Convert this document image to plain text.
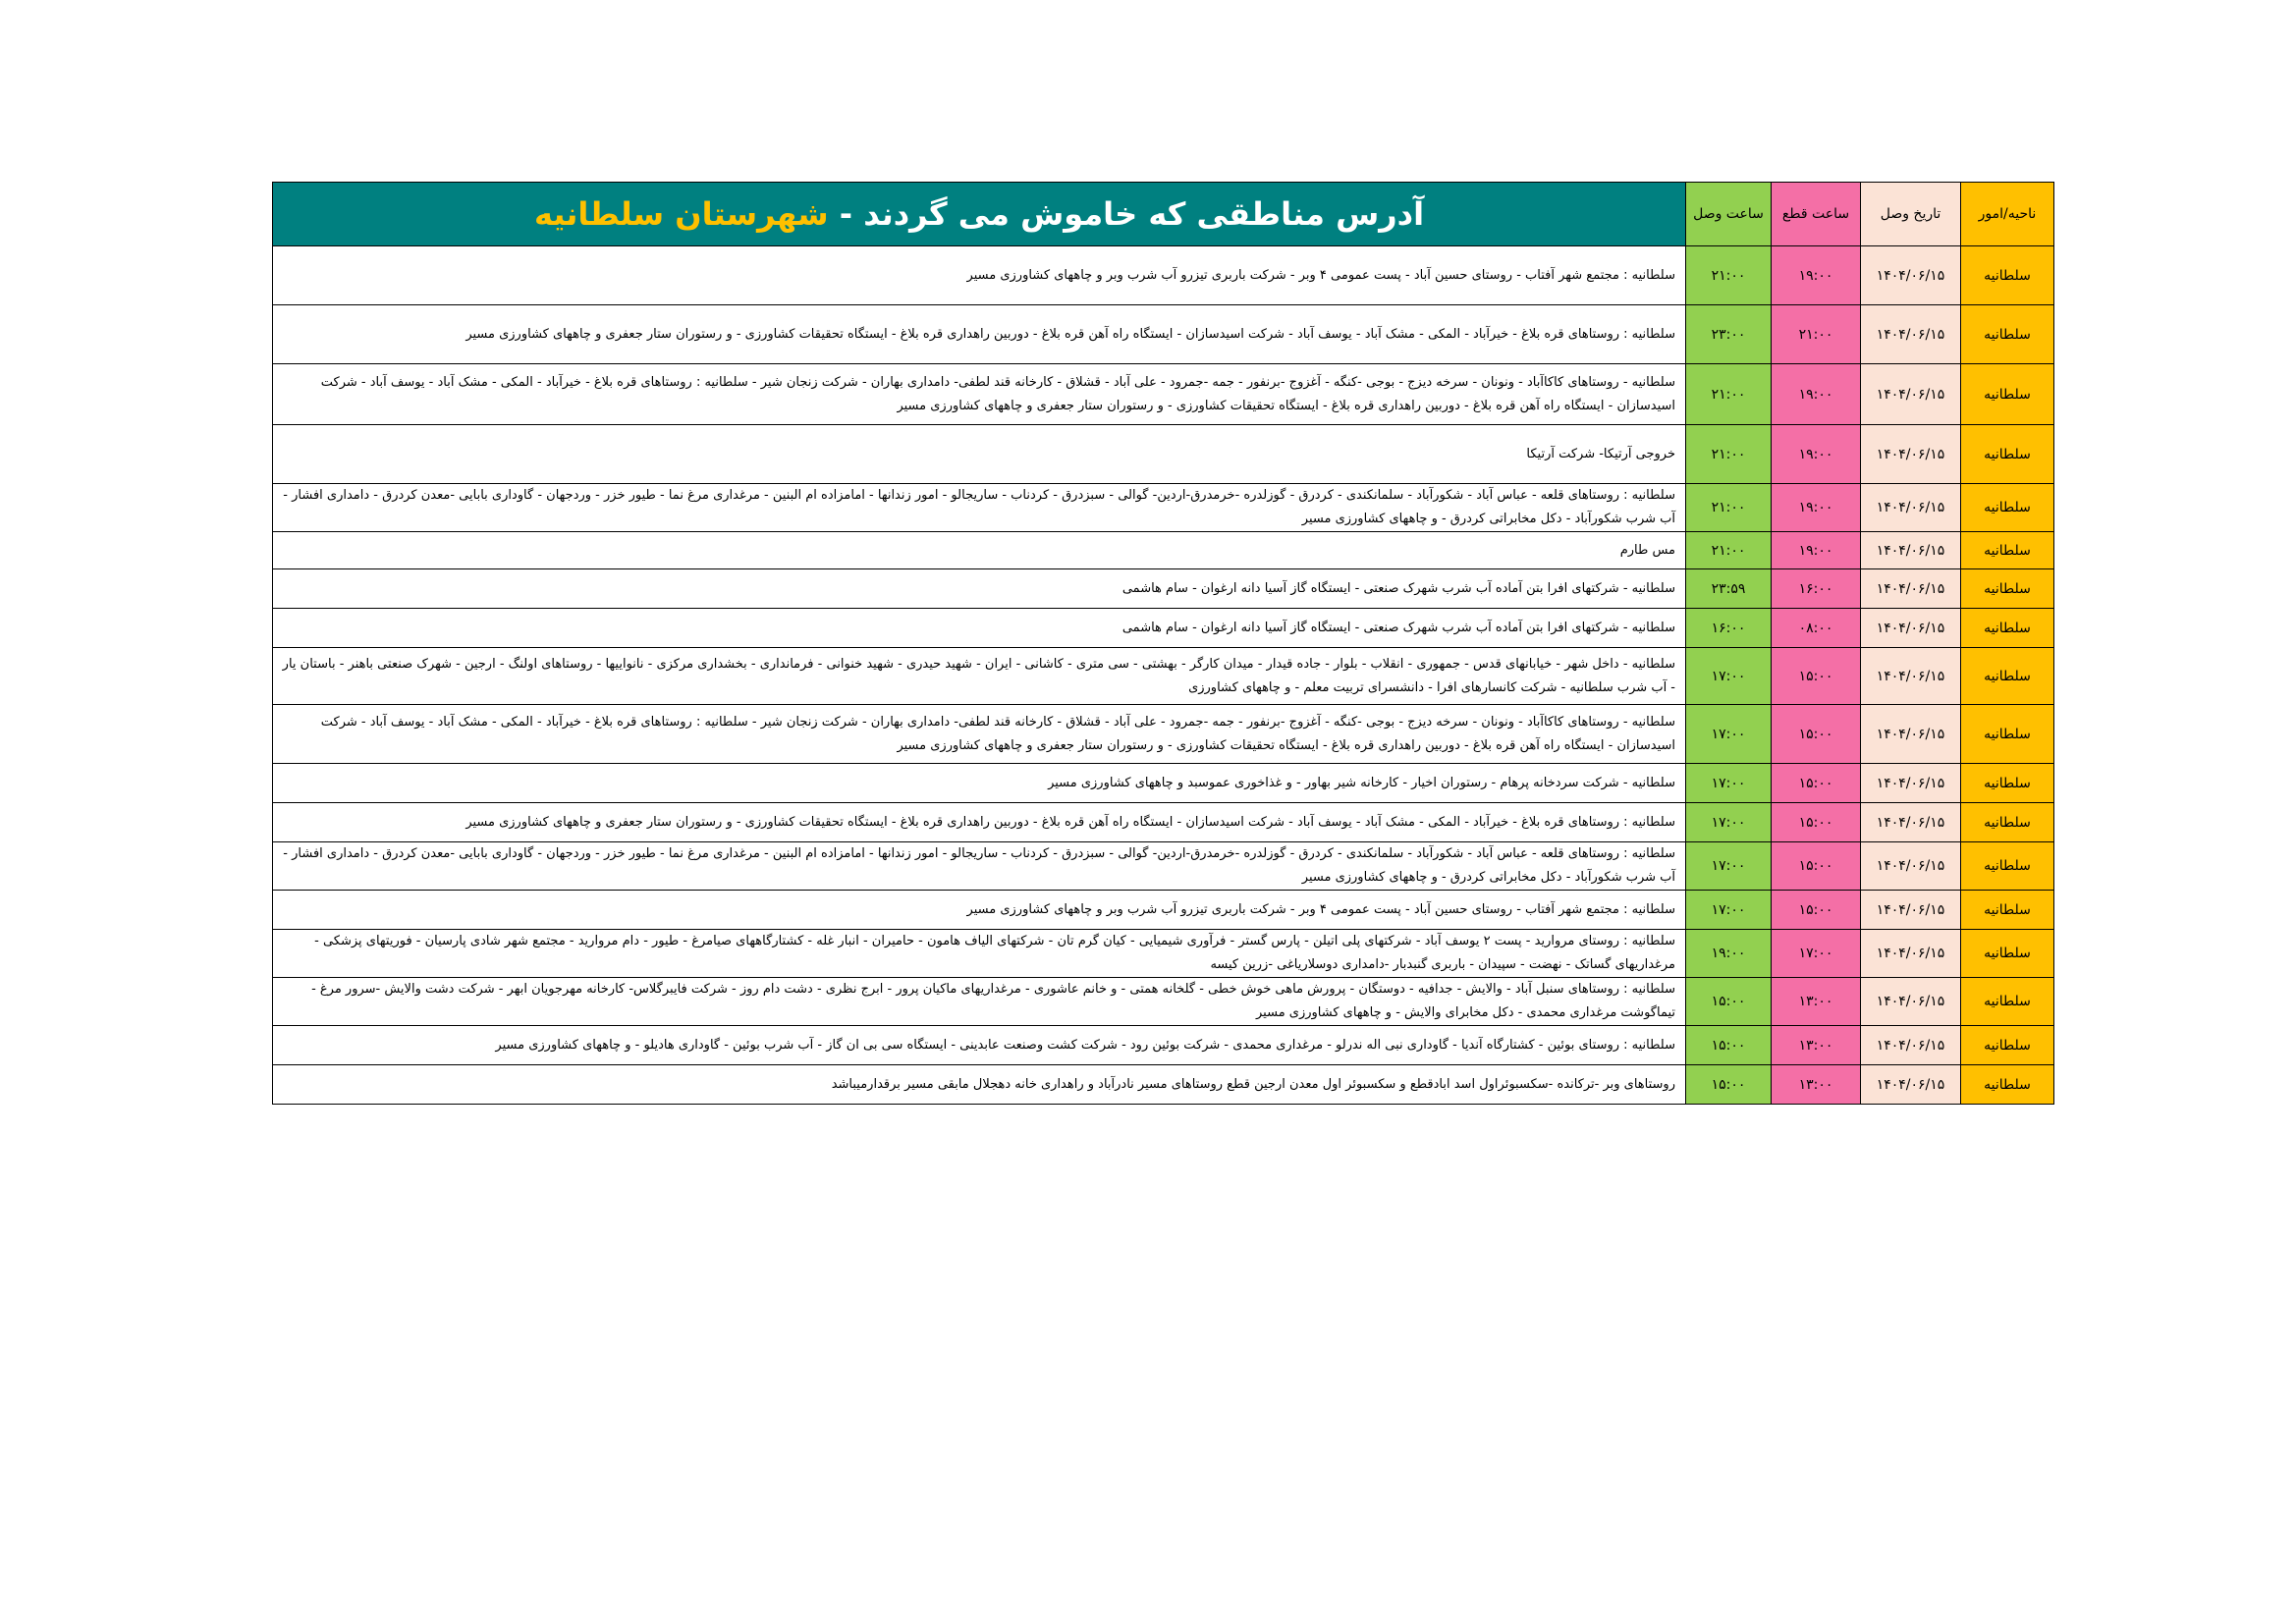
ناحیه/امور	تاریخ وصل	ساعت قطع	ساعت وصل	آدرس مناطقی که خاموش می گردند - شهرستان سلطانیه
سلطانیه	۱۴۰۴/۰۶/۱۵	۱۹:۰۰	۲۱:۰۰	سلطانیه : مجتمع شهر آفتاب - روستای حسین آباد - پست عمومی ۴ وبر - شرکت باربری تیزرو آب شرب وبر و چاههای کشاورزی مسیر
سلطانیه	۱۴۰۴/۰۶/۱۵	۲۱:۰۰	۲۳:۰۰	سلطانیه : روستاهای قره بلاغ - خیرآباد - المکی - مشک آباد - یوسف آباد - شرکت اسیدسازان - ایستگاه راه آهن قره بلاغ - دوربین راهداری قره بلاغ - ایستگاه تحقیقات کشاورزی - و رستوران ستار جعفری و چاههای کشاورزی مسیر
سلطانیه	۱۴۰۴/۰۶/۱۵	۱۹:۰۰	۲۱:۰۰	سلطانیه - روستاهای کاکاآباد - ونونان - سرخه دیزج - بوجی -کنگه - آغزوج -برنفور - جمه -جمرود - علی آباد - قشلاق - کارخانه قند لطفی- دامداری بهاران - شرکت زنجان شیر - سلطانیه : روستاهای قره بلاغ - خیرآباد - المکی - مشک آباد - یوسف آباد - شرکت اسیدسازان - ایستگاه راه آهن قره بلاغ - دوربین راهداری قره بلاغ - ایستگاه تحقیقات کشاورزی - و رستوران ستار جعفری و چاههای کشاورزی مسیر
سلطانیه	۱۴۰۴/۰۶/۱۵	۱۹:۰۰	۲۱:۰۰	خروجی آرتیکا- شرکت آرتیکا
سلطانیه	۱۴۰۴/۰۶/۱۵	۱۹:۰۰	۲۱:۰۰	سلطانیه : روستاهای قلعه - عباس آباد - شکورآباد - سلمانکندی - کردرق - گوزلدره -خرمدرق-اردین- گوالی - سبزدرق - کردناب - ساریجالو - امور زندانها - امامزاده ام البنین - مرغداری مرغ نما - طیور خزر - وردجهان - گاوداری بابایی -معدن کردرق - دامداری افشار - آب شرب شکورآباد - دکل مخابراتی کردرق - و چاههای کشاورزی مسیر
سلطانیه	۱۴۰۴/۰۶/۱۵	۱۹:۰۰	۲۱:۰۰	مس طارم
سلطانیه	۱۴۰۴/۰۶/۱۵	۱۶:۰۰	۲۳:۵۹	سلطانیه - شرکتهای افرا بتن آماده آب شرب شهرک صنعتی - ایستگاه گاز آسیا دانه ارغوان - سام هاشمی
سلطانیه	۱۴۰۴/۰۶/۱۵	۰۸:۰۰	۱۶:۰۰	سلطانیه - شرکتهای افرا بتن آماده آب شرب شهرک صنعتی - ایستگاه گاز آسیا دانه ارغوان - سام هاشمی
سلطانیه	۱۴۰۴/۰۶/۱۵	۱۵:۰۰	۱۷:۰۰	سلطانیه - داخل شهر - خیابانهای قدس - جمهوری - انقلاب - بلوار - جاده قیدار - میدان کارگر - بهشتی - سی متری - کاشانی - ایران - شهید حیدری - شهید خنوانی - فرمانداری - بخشداری مرکزی - نانواییها - روستاهای اولنگ - ارجین - شهرک صنعتی باهنر - باستان یار - آب شرب سلطانیه - شرکت کانسارهای افرا - دانشسرای تربیت معلم - و چاههای کشاورزی
سلطانیه	۱۴۰۴/۰۶/۱۵	۱۵:۰۰	۱۷:۰۰	سلطانیه - روستاهای کاکاآباد - ونونان - سرخه دیزج - بوجی -کنگه - آغزوج -برنفور - جمه -جمرود - علی آباد - قشلاق - کارخانه قند لطفی- دامداری بهاران - شرکت زنجان شیر - سلطانیه : روستاهای قره بلاغ - خیرآباد - المکی - مشک آباد - یوسف آباد - شرکت اسیدسازان - ایستگاه راه آهن قره بلاغ - دوربین راهداری قره بلاغ - ایستگاه تحقیقات کشاورزی - و رستوران ستار جعفری و چاههای کشاورزی مسیر
سلطانیه	۱۴۰۴/۰۶/۱۵	۱۵:۰۰	۱۷:۰۰	سلطانیه - شرکت سردخانه پرهام - رستوران اخیار - کارخانه شیر بهاور - و غذاخوری عموسبد و چاههای کشاورزی مسیر
سلطانیه	۱۴۰۴/۰۶/۱۵	۱۵:۰۰	۱۷:۰۰	سلطانیه : روستاهای قره بلاغ - خیرآباد - المکی - مشک آباد - یوسف آباد - شرکت اسیدسازان - ایستگاه راه آهن قره بلاغ - دوربین راهداری قره بلاغ - ایستگاه تحقیقات کشاورزی - و رستوران ستار جعفری و چاههای کشاورزی مسیر
سلطانیه	۱۴۰۴/۰۶/۱۵	۱۵:۰۰	۱۷:۰۰	سلطانیه : روستاهای قلعه - عباس آباد - شکورآباد - سلمانکندی - کردرق - گوزلدره -خرمدرق-اردین- گوالی - سبزدرق - کردناب - ساریجالو - امور زندانها - امامزاده ام البنین - مرغداری مرغ نما - طیور خزر - وردجهان - گاوداری بابایی -معدن کردرق - دامداری افشار - آب شرب شکورآباد - دکل مخابراتی کردرق - و چاههای کشاورزی مسیر
سلطانیه	۱۴۰۴/۰۶/۱۵	۱۵:۰۰	۱۷:۰۰	سلطانیه : مجتمع شهر آفتاب - روستای حسین آباد - پست عمومی ۴ وبر - شرکت باربری تیزرو آب شرب وبر و چاههای کشاورزی مسیر
سلطانیه	۱۴۰۴/۰۶/۱۵	۱۷:۰۰	۱۹:۰۰	سلطانیه : روستای مروارید - پست ۲ یوسف آباد - شرکتهای پلی اتیلن - پارس گستر - فرآوری شیمیایی - کیان گرم تان - شرکتهای الیاف هامون - حامیران - انبار غله - کشتارگاههای صیامرغ - طیور - دام مروارید - مجتمع شهر شادی پارسیان - فوریتهای پزشکی - مرغداریهای گساتک - نهضت - سپیدان - باربری گنبدبار -دامداری دوسلاریاغی -زرین کیسه
سلطانیه	۱۴۰۴/۰۶/۱۵	۱۳:۰۰	۱۵:۰۰	سلطانیه : روستاهای سنبل آباد - والایش - جدافیه - دوستگان - پرورش ماهی خوش خطی - گلخانه همتی - و خانم عاشوری - مرغداریهای ماکیان پرور - ابرج نظری - دشت دام روز - شرکت فایبرگلاس- کارخانه مهرجویان ابهر - شرکت دشت والایش -سرور مرغ - تیماگوشت مرغداری محمدی - دکل مخابرای والایش - و چاههای کشاورزی مسیر
سلطانیه	۱۴۰۴/۰۶/۱۵	۱۳:۰۰	۱۵:۰۰	سلطانیه : روستای بوئین - کشتارگاه آندیا - گاوداری نبی اله ندرلو - مرغداری محمدی - شرکت بوئین رود - شرکت کشت وصنعت عابدینی - ایستگاه سی بی ان گاز - آب شرب بوئین - گاوداری هادیلو - و چاههای کشاورزی مسیر
سلطانیه	۱۴۰۴/۰۶/۱۵	۱۳:۰۰	۱۵:۰۰	روستاهای وبر -ترکانده -سکسبوئراول اسد ابادقطع و سکسبوئر اول معدن ارجین قطع روستاهای مسیر نادرآباد و راهداری خانه دهجلال مابقی مسیر برقدارمیباشد
